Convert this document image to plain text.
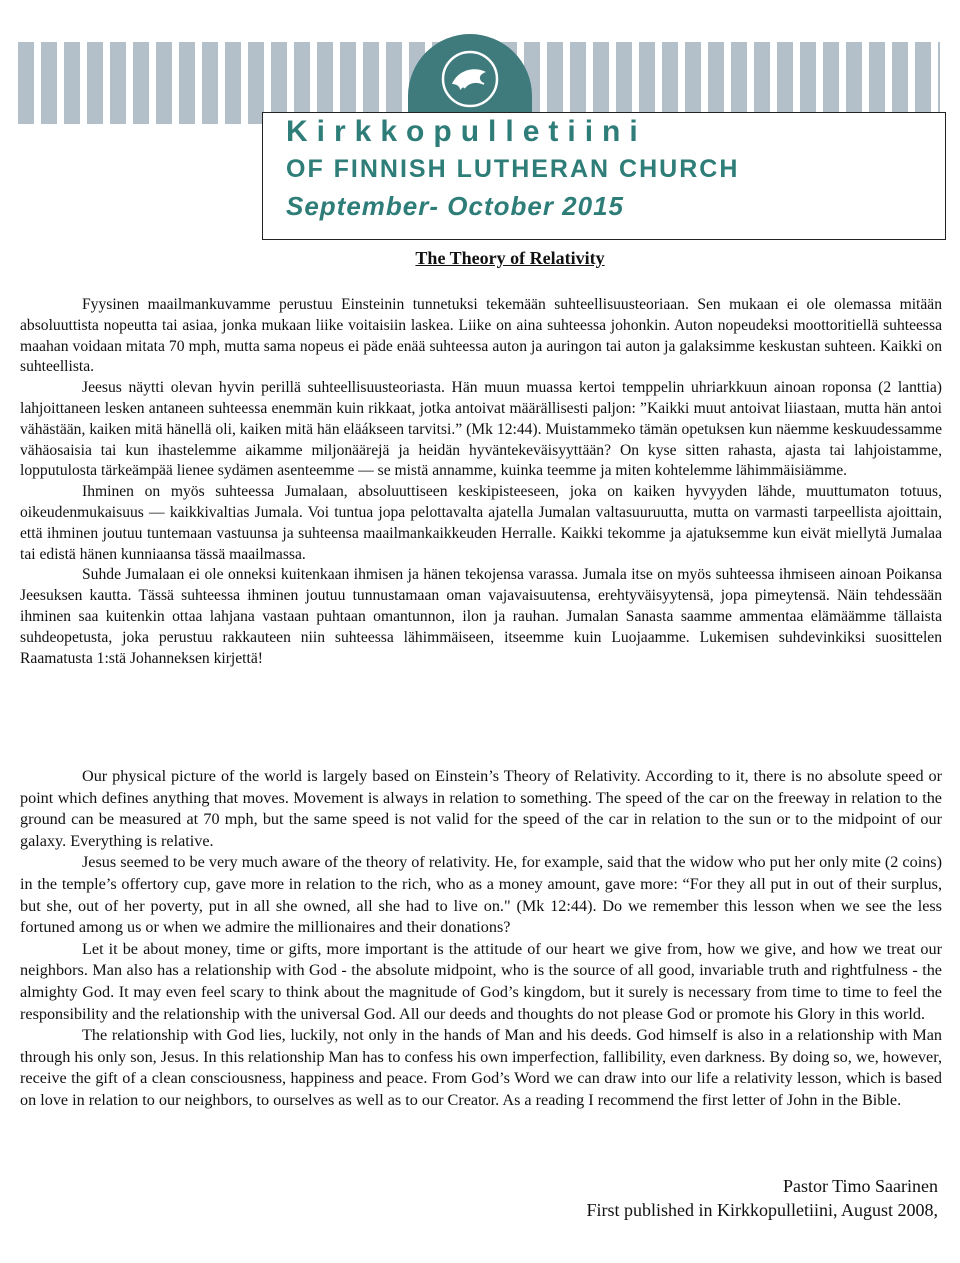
Kirkkopulletiini

OF FINNISH LUTHERAN CHURCH

September- October 2015

The Theory of Relativity

Fyysinen maailmankuvamme perustuu Einsteinin tunnetuksi tekemään suhteellisuusteoriaan. Sen mukaan ei ole olemassa mitään absoluuttista nopeutta tai asiaa, jonka mukaan liike voitaisiin laskea. Liike on aina suhteessa johonkin. Auton nopeudeksi moottoritiellä suhteessa maahan voidaan mitata 70 mph, mutta sama nopeus ei päde enää suhteessa auton ja auringon tai auton ja galaksimme keskustan suhteen. Kaikki on suhteellista.

Jeesus näytti olevan hyvin perillä suhteellisuusteoriasta. Hän muun muassa kertoi temppelin uhriarkkuun ainoan roponsa (2 lanttia) lahjoittaneen lesken antaneen suhteessa enemmän kuin rikkaat, jotka antoivat määrällisesti paljon: ”Kaikki muut antoivat liiastaan, mutta hän antoi vähästään, kaiken mitä hänellä oli, kaiken mitä hän eläákseen tarvitsi.” (Mk 12:44). Muistammeko tämän opetuksen kun näemme keskuudessamme vähäosaisia tai kun ihastelemme aikamme miljonäärejä ja heidän hyväntekeväisyyttään? On kyse sitten rahasta, ajasta tai lahjoistamme, lopputulosta tärkeämpää lienee sydämen asenteemme — se mistä annamme, kuinka teemme ja miten kohtelemme lähimmäisiämme.

Ihminen on myös suhteessa Jumalaan, absoluuttiseen keskipisteeseen, joka on kaiken hyvyyden lähde, muuttumaton totuus, oikeudenmukaisuus — kaikkivaltias Jumala. Voi tuntua jopa pelottavalta ajatella Jumalan valtasuuruutta, mutta on varmasti tarpeellista ajoittain, että ihminen joutuu tuntemaan vastuunsa ja suhteensa maailmankaikkeuden Herralle. Kaikki tekomme ja ajatuksemme kun eivät miellytä Jumalaa tai edistä hänen kunniaansa tässä maailmassa.

Suhde Jumalaan ei ole onneksi kuitenkaan ihmisen ja hänen tekojensa varassa. Jumala itse on myös suhteessa ihmiseen ainoan Poikansa Jeesuksen kautta. Tässä suhteessa ihminen joutuu tunnustamaan oman vajavaisuutensa, erehtyväisyytensä, jopa pimeytensä. Näin tehdessään ihminen saa kuitenkin ottaa lahjana vastaan puhtaan omantunnon, ilon ja rauhan. Jumalan Sanasta saamme ammentaa elämäämme tällaista suhdeopetusta, joka perustuu rakkauteen niin suhteessa lähimmäiseen, itseemme kuin Luojaamme. Lukemisen suhdevinkiksi suosittelen Raamatusta 1:stä Johanneksen kirjettä!

Our physical picture of the world is largely based on Einstein’s Theory of Relativity. According to it, there is no absolute speed or point which defines anything that moves. Movement is always in relation to something. The speed of the car on the freeway in relation to the ground can be measured at 70 mph, but the same speed is not valid for the speed of the car in relation to the sun or to the midpoint of our galaxy. Everything is relative.

Jesus seemed to be very much aware of the theory of relativity. He, for example, said that the widow who put her only mite (2 coins) in the temple’s offertory cup, gave more in relation to the rich, who as a money amount, gave more: “For they all put in out of their surplus, but she, out of her poverty, put in all she owned, all she had to live on." (Mk 12:44). Do we remember this lesson when we see the less fortuned among us or when we admire the millionaires and their donations?

Let it be about money, time or gifts, more important is the attitude of our heart we give from, how we give, and how we treat our neighbors. Man also has a relationship with God - the absolute midpoint, who is the source of all good, invariable truth and rightfulness - the almighty God. It may even feel scary to think about the magnitude of God’s kingdom, but it surely is necessary from time to time to feel the responsibility and the relationship with the universal God. All our deeds and thoughts do not please God or promote his Glory in this world.

The relationship with God lies, luckily, not only in the hands of Man and his deeds. God himself is also in a relationship with Man through his only son, Jesus. In this relationship Man has to confess his own imperfection, fallibility, even darkness. By doing so, we, however, receive the gift of a clean consciousness, happiness and peace. From God’s Word we can draw into our life a relativity lesson, which is based on love in relation to our neighbors, to ourselves as well as to our Creator. As a reading I recommend the first letter of John in the Bible.

Pastor Timo Saarinen

First published in Kirkkopulletiini, August 2008,
